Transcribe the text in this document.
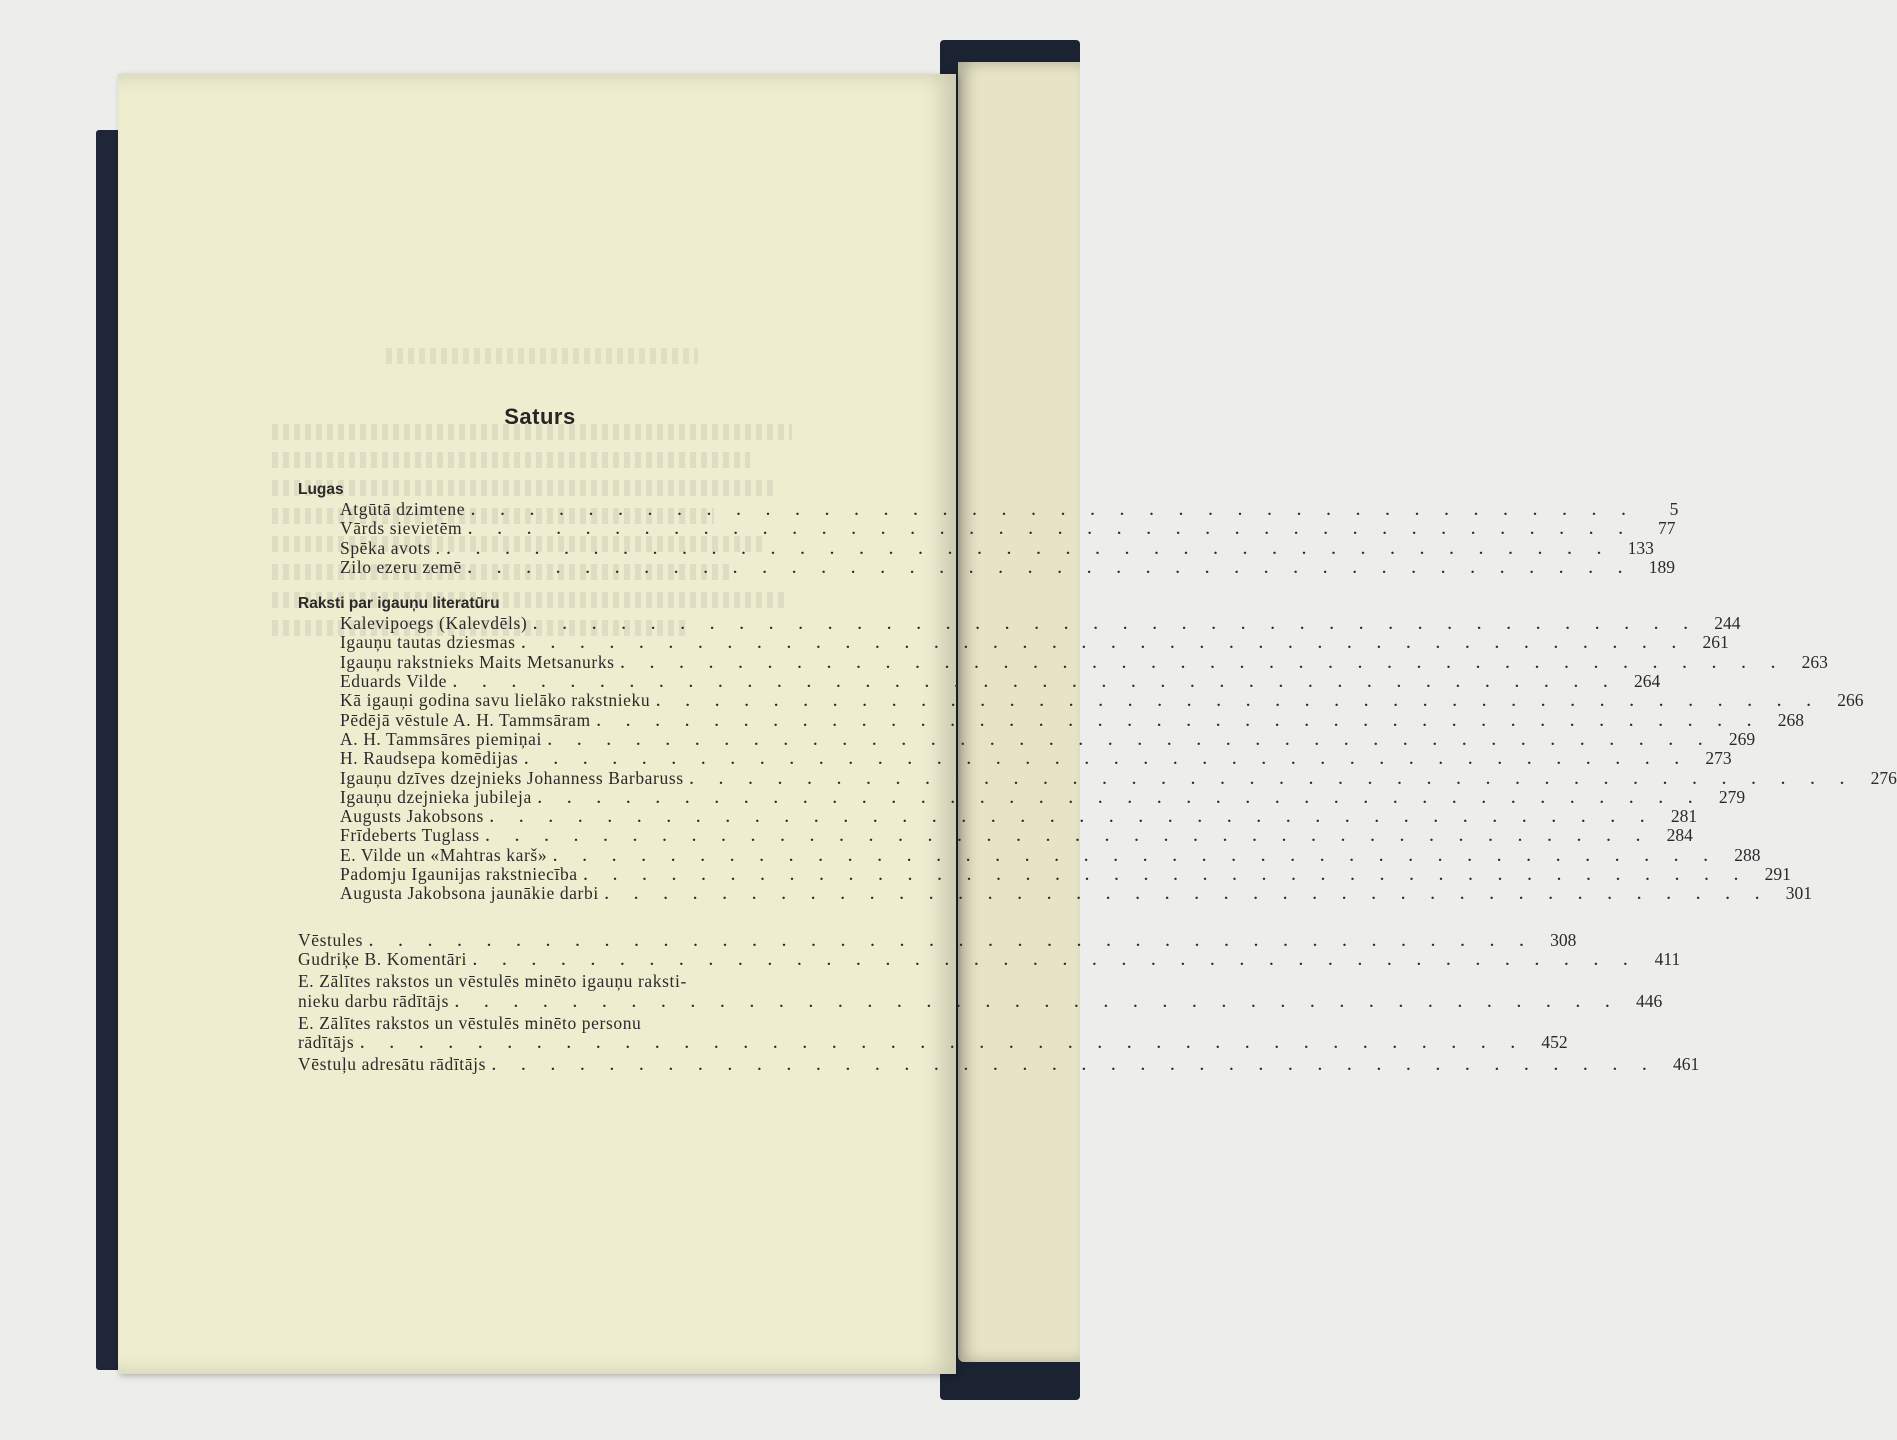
Saturs
Lugas
Atgūtā dzimtene . . . . . . . . . . . . . . . . . . . . . . . . . . . . . . . . . . . . . . . .	5
Vārds sievietēm . . . . . . . . . . . . . . . . . . . . . . . . . . . . . . . . . . . . . . . .	77
Spēka avots . . . . . . . . . . . . . . . . . . . . . . . . . . . . . . . . . . . . . . . . . 133
Zilo ezeru zemē . . . . . . . . . . . . . . . . . . . . . . . . . . . . . . . . . . . . . . . . 189
Raksti par igauņu literatūru
Kalevipoegs (Kalevdēls) . . . . . . . . . . . . . . . . . . . . . . . . . . . . . . . . . . . . . . . . 244
Igauņu tautas dziesmas . . . . . . . . . . . . . . . . . . . . . . . . . . . . . . . . . . . . . . . . 261
Igauņu rakstnieks Maits Metsanurks . . . . . . . . . . . . . . . . . . . . . . . . . . . . . . . . . . . . . . . . 263
Eduards Vilde . . . . . . . . . . . . . . . . . . . . . . . . . . . . . . . . . . . . . . . . 264
Kā igauņi godina savu lielāko rakstnieku . . . . . . . . . . . . . . . . . . . . . . . . . . . . . . . . . . . . . . . . 266
Pēdējā vēstule A. H. Tammsāram . . . . . . . . . . . . . . . . . . . . . . . . . . . . . . . . . . . . . . . . 268
A. H. Tammsāres piemiņai . . . . . . . . . . . . . . . . . . . . . . . . . . . . . . . . . . . . . . . . 269
H. Raudsepa komēdijas . . . . . . . . . . . . . . . . . . . . . . . . . . . . . . . . . . . . . . . . 273
Igauņu dzīves dzejnieks Johanness Barbaruss . . . . . . . . . . . . . . . . . . . . . . . . . . . . . . . . . . . . . . . . 276
Igauņu dzejnieka jubileja . . . . . . . . . . . . . . . . . . . . . . . . . . . . . . . . . . . . . . . . 279
Augusts Jakobsons . . . . . . . . . . . . . . . . . . . . . . . . . . . . . . . . . . . . . . . . 281
Frīdeberts Tuglass . . . . . . . . . . . . . . . . . . . . . . . . . . . . . . . . . . . . . . . . 284
E. Vilde un «Mahtras karš» . . . . . . . . . . . . . . . . . . . . . . . . . . . . . . . . . . . . . . . . 288
Padomju Igaunijas rakstniecība . . . . . . . . . . . . . . . . . . . . . . . . . . . . . . . . . . . . . . . . 291
Augusta Jakobsona jaunākie darbi . . . . . . . . . . . . . . . . . . . . . . . . . . . . . . . . . . . . . . . . 301
Vēstules . . . . . . . . . . . . . . . . . . . . . . . . . . . . . . . . . . . . . . . . 308
Gudriķe B. Komentāri . . . . . . . . . . . . . . . . . . . . . . . . . . . . . . . . . . . . . . . . 411
E. Zālītes rakstos un vēstulēs minēto igauņu raksti-
nieku darbu rādītājs . . . . . . . . . . . . . . . . . . . . . . . . . . . . . . . . . . . . . . . . 446
E. Zālītes rakstos un vēstulēs minēto personu
rādītājs . . . . . . . . . . . . . . . . . . . . . . . . . . . . . . . . . . . . . . . . 452
Vēstuļu adresātu rādītājs . . . . . . . . . . . . . . . . . . . . . . . . . . . . . . . . . . . . . . . . 461
